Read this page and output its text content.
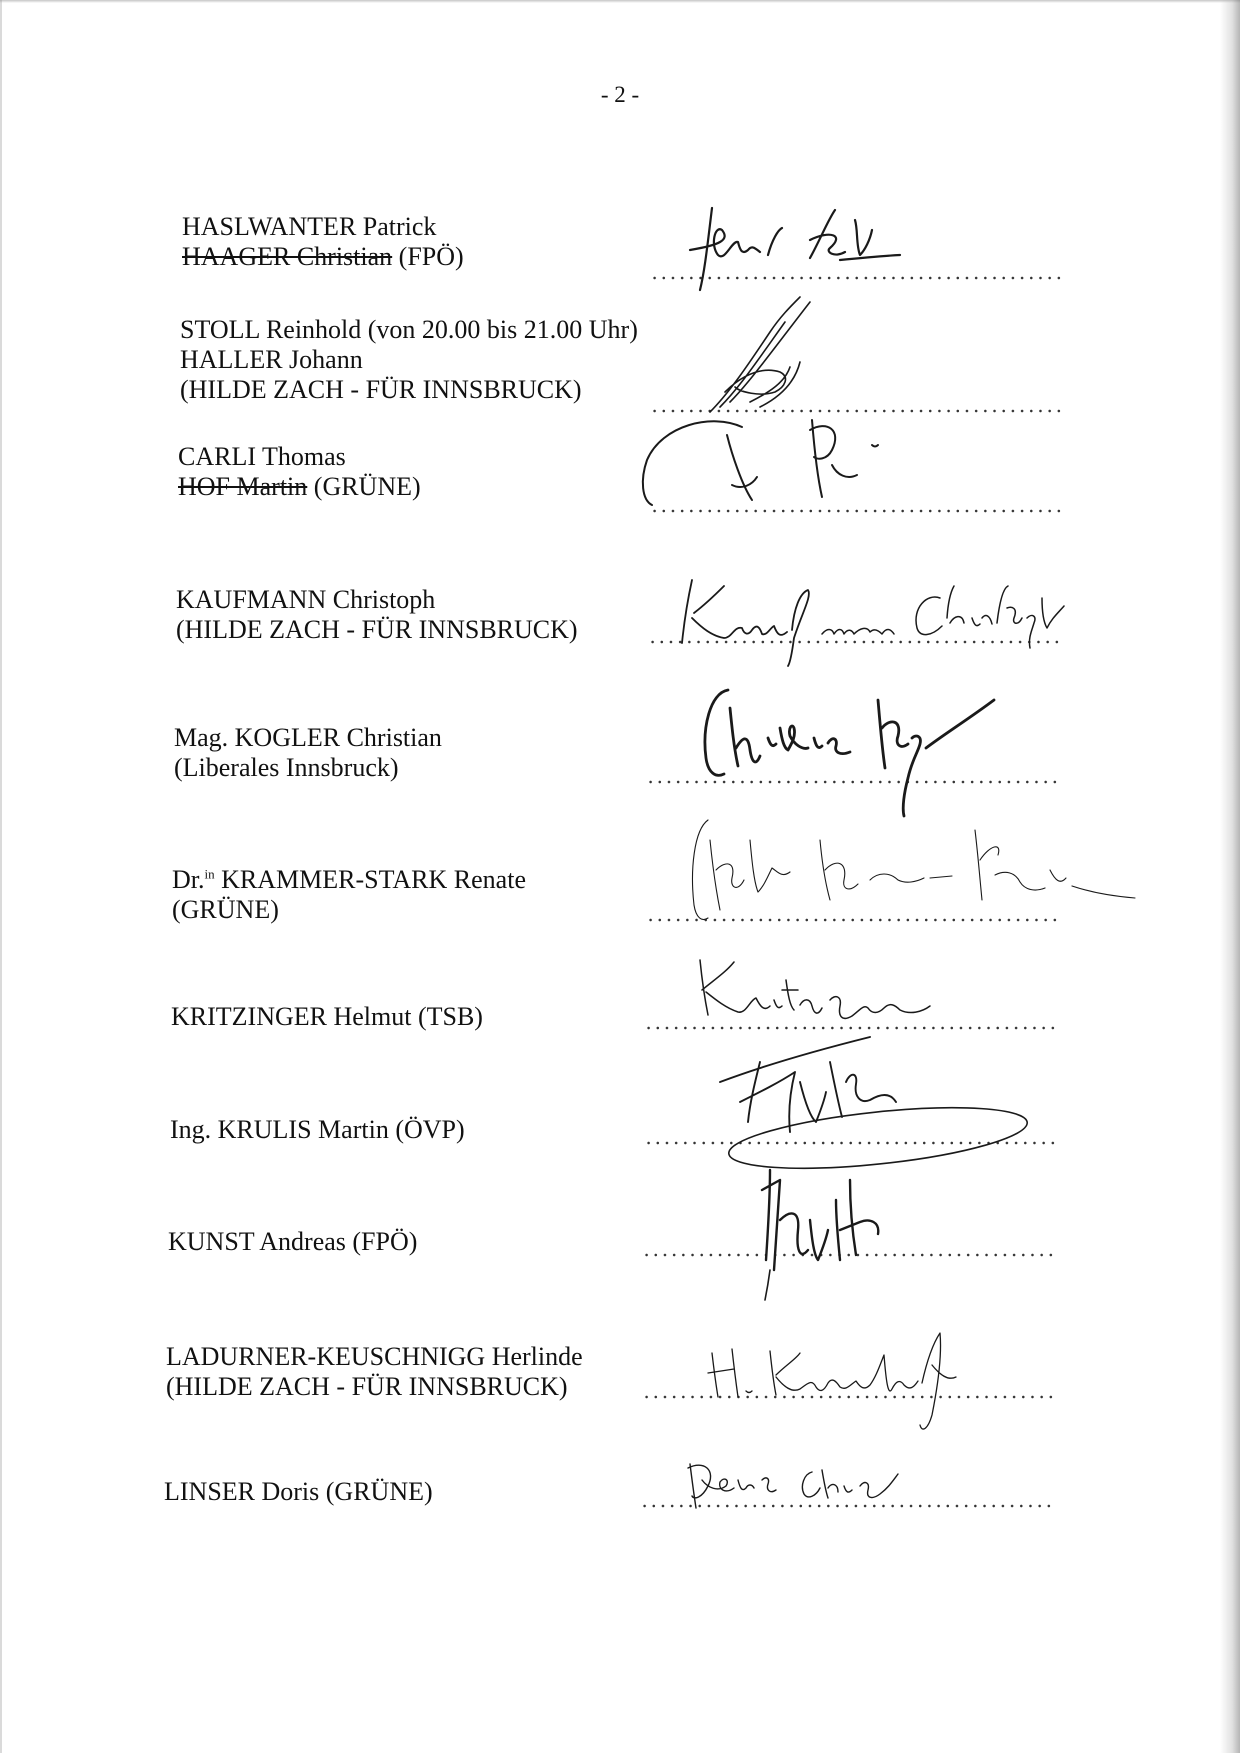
- 2 -
HASLWANTER Patrick
HAAGER Christian (FPÖ)
STOLL Reinhold (von 20.00 bis 21.00 Uhr)
HALLER Johann
(HILDE ZACH - FÜR INNSBRUCK)
CARLI Thomas
HOF Martin (GRÜNE)
KAUFMANN Christoph
(HILDE ZACH - FÜR INNSBRUCK)
Mag. KOGLER Christian
(Liberales Innsbruck)
Dr.$^{in}$ KRAMMER-STARK Renate
(GRÜNE)
KRITZINGER Helmut (TSB)
Ing. KRULIS Martin (ÖVP)
KUNST Andreas (FPÖ)
LADURNER-KEUSCHNIGG Herlinde
(HILDE ZACH - FÜR INNSBRUCK)
LINSER Doris (GRÜNE)
